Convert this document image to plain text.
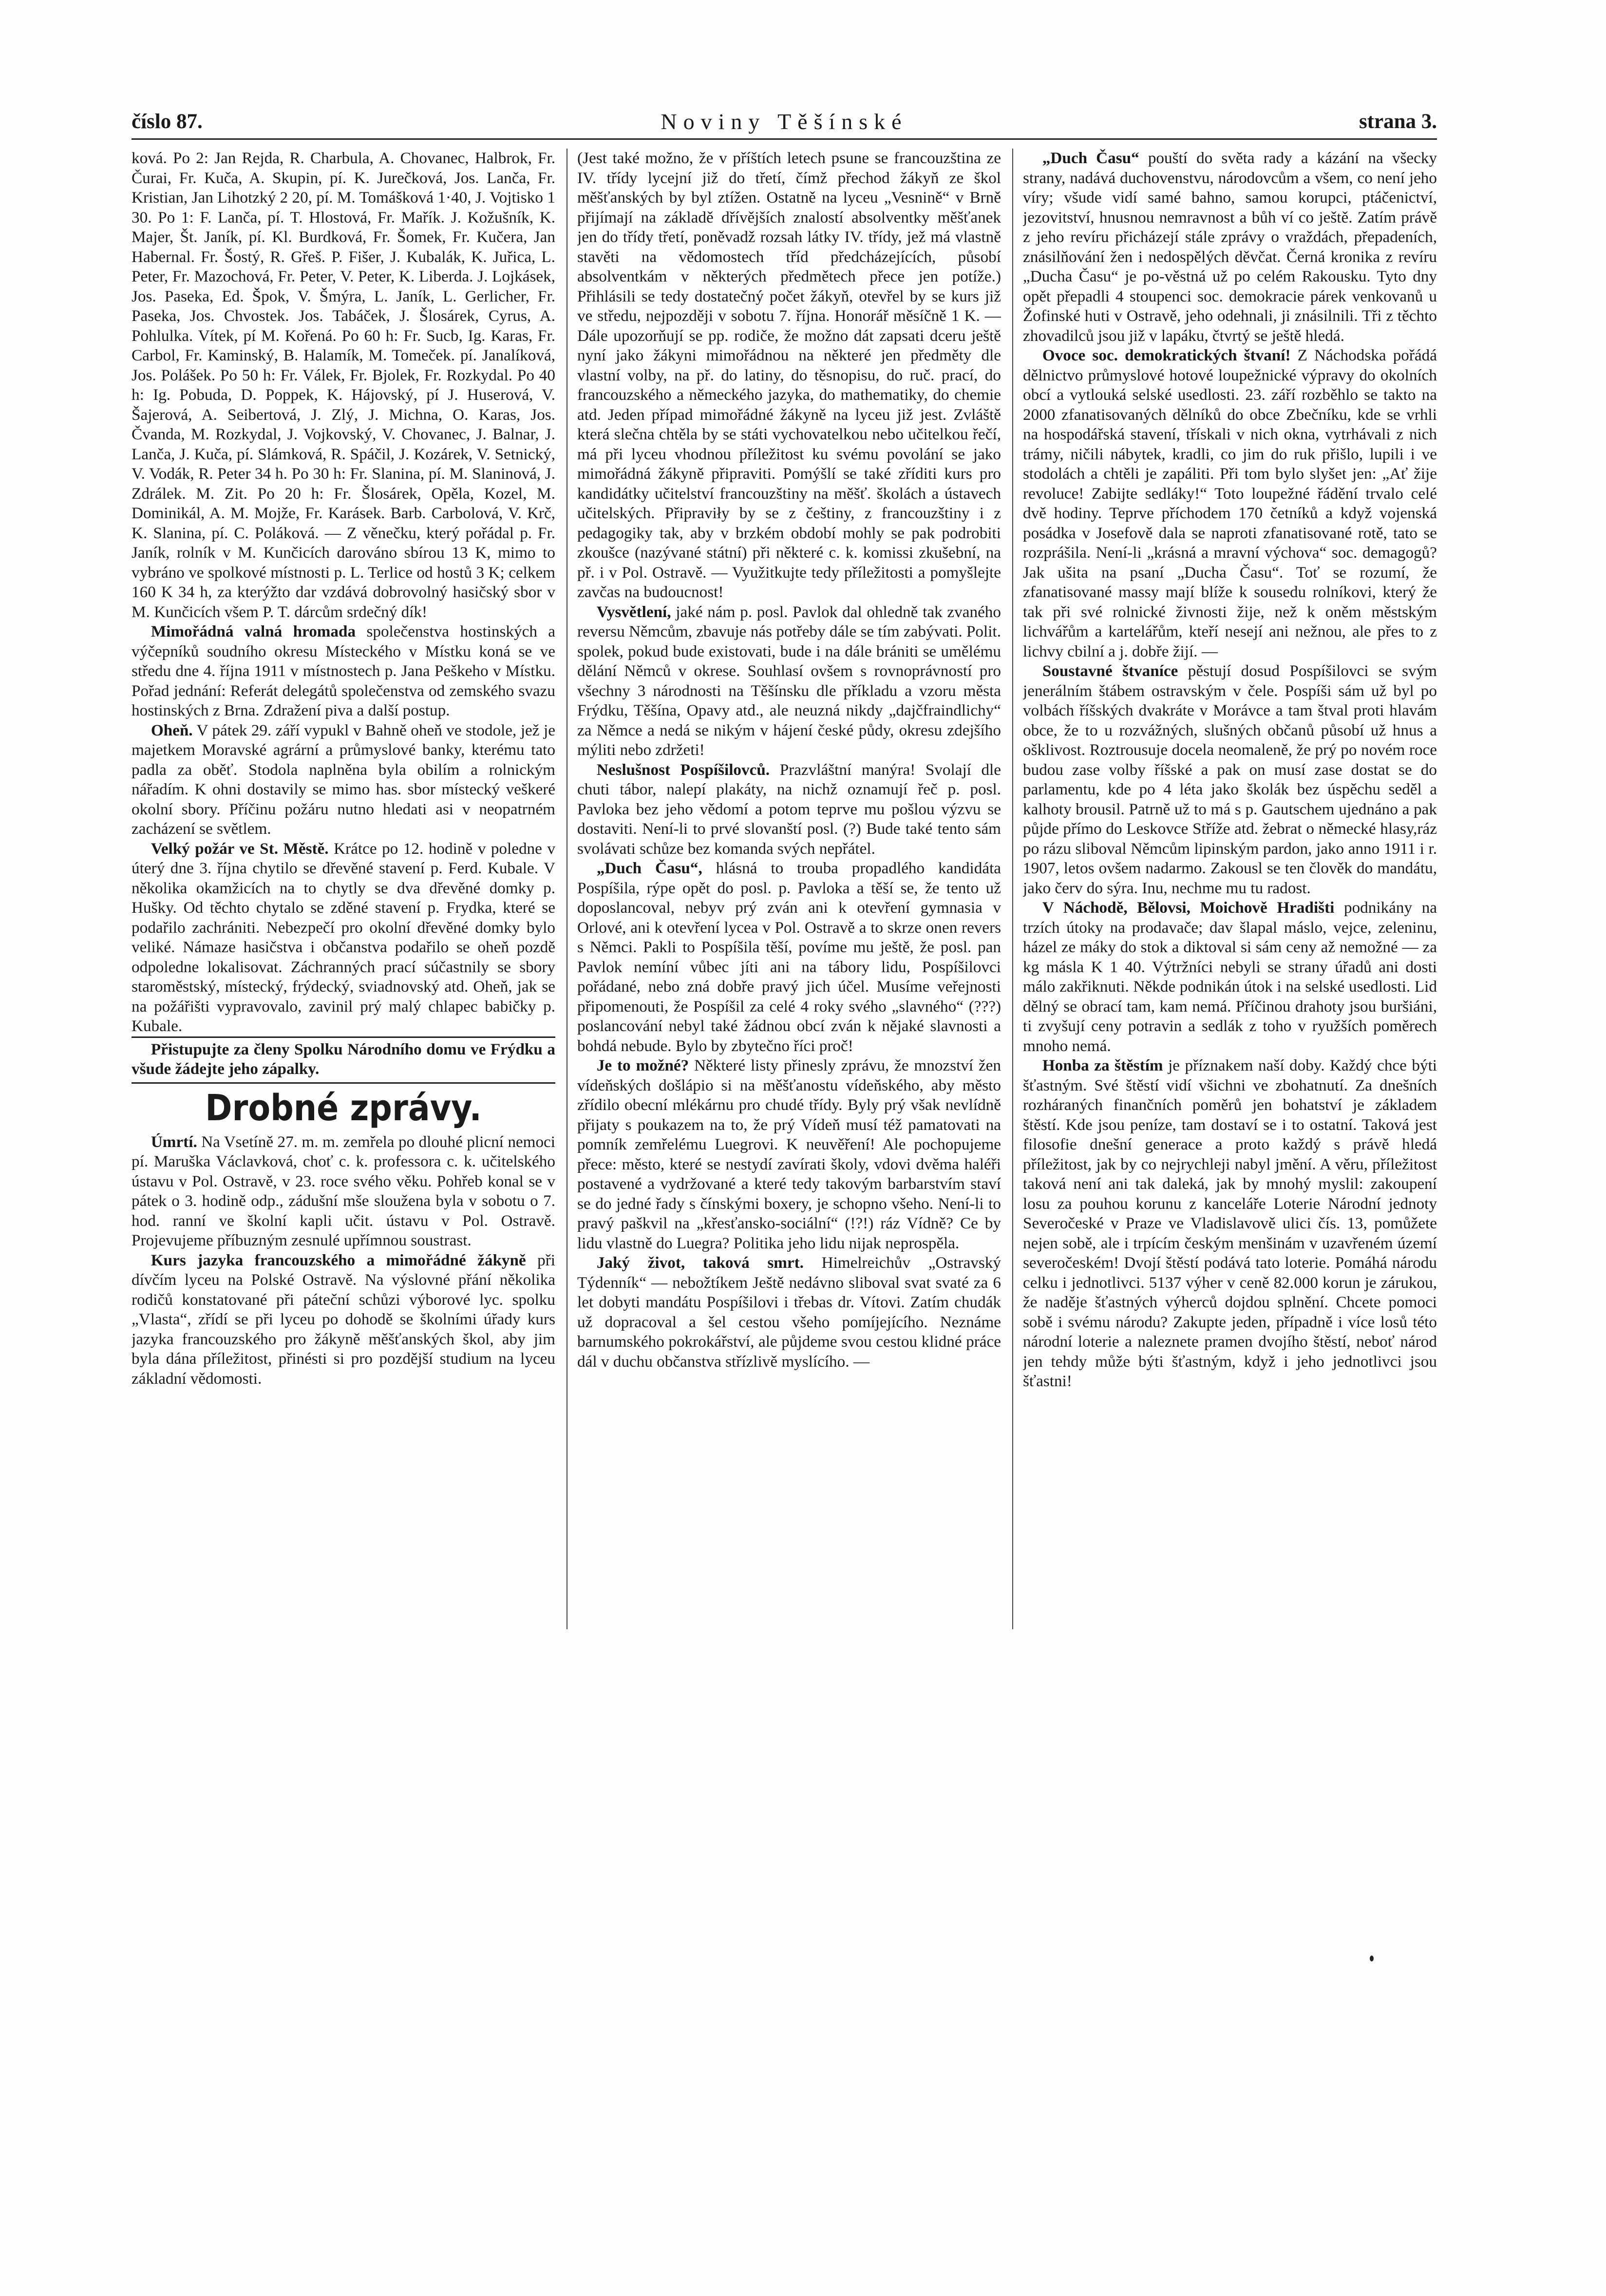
číslo 87.	Noviny Těšínské	strana 3.

ková. Po 2: Jan Rejda, R. Charbula, A. Chovanec, Halbrok, Fr. Čurai, Fr. Kuča, A. Skupin, pí. K. Jurečková, Jos. Lanča, Fr. Kristian, Jan Lihotzký 2 20, pí. M. Tomášková 1·40, J. Vojtisko 1 30. Po 1: F. Lanča, pí. T. Hlostová, Fr. Mařík. J. Kožušník, K. Majer, Št. Janík, pí. Kl. Burdková, Fr. Šomek, Fr. Kučera, Jan Habernal. Fr. Šostý, R. Gřeš. P. Fišer, J. Kubalák, K. Juřica, L. Peter, Fr. Mazochová, Fr. Peter, V. Peter, K. Liberda. J. Lojkásek, Jos. Paseka, Ed. Špok, V. Šmýra, L. Janík, L. Gerlicher, Fr. Paseka, Jos. Chvostek. Jos. Tabáček, J. Šlosárek, Cyrus, A. Pohlulka. Vítek, pí M. Kořená. Po 60 h: Fr. Sucb, Ig. Karas, Fr. Carbol, Fr. Kaminský, B. Halamík, M. Tomeček. pí. Janalíková, Jos. Polášek. Po 50 h: Fr. Válek, Fr. Bjolek, Fr. Rozkydal. Po 40 h: Ig. Pobuda, D. Poppek, K. Hájovský, pí J. Huserová, V. Šajerová, A. Seibertová, J. Zlý, J. Michna, O. Karas, Jos. Čvanda, M. Rozkydal, J. Vojkovský, V. Chovanec, J. Balnar, J. Lanča, J. Kuča, pí. Slámková, R. Spáčil, J. Kozárek, V. Setnický, V. Vodák, R. Peter 34 h. Po 30 h: Fr. Slanina, pí. M. Slaninová, J. Zdrálek. M. Zit. Po 20 h: Fr. Šlosárek, Opěla, Kozel, M. Dominikál, A. M. Mojže, Fr. Karásek. Barb. Carbolová, V. Krč, K. Slanina, pí. C. Poláková. — Z věnečku, který pořádal p. Fr. Janík, rolník v M. Kunčicích darováno sbírou 13 K, mimo to vybráno ve spolkové místnosti p. L. Terlice od hostů 3 K; celkem 160 K 34 h, za kterýžto dar vzdává dobrovolný hasičský sbor v M. Kunčicích všem P. T. dárcům srdečný dík!

Mimořádná valná hromada společenstva hostinských a výčepníků soudního okresu Místeckého v Místku koná se ve středu dne 4. října 1911 v místnostech p. Jana Peškeho v Místku. Pořad jednání: Referát delegátů společenstva od zemského svazu hostinských z Brna. Zdražení piva a další postup.

Oheň. V pátek 29. září vypukl v Bahně oheň ve stodole, jež je majetkem Moravské agrární a průmyslové banky, kterému tato padla za oběť. Stodola naplněna byla obilím a rolnickým nářadím. K ohni dostavily se mimo has. sbor místecký veškeré okolní sbory. Příčinu požáru nutno hledati asi v neopatrném zacházení se světlem.

Velký požár ve St. Městě. Krátce po 12. hodině v poledne v úterý dne 3. října chytilo se dřevěné stavení p. Ferd. Kubale. V několika okamžicích na to chytly se dva dřevěné domky p. Hušky. Od těchto chytalo se zděné stavení p. Frydka, které se podařilo zachrániti. Nebezpečí pro okolní dřevěné domky bylo veliké. Námaze hasičstva i občanstva podařilo se oheň pozdě odpoledne lokalisovat. Záchranných prací súčastnily se sbory staroměstský, místecký, frýdecký, sviadnovský atd. Oheň, jak se na požářišti vypravovalo, zavinil prý malý chlapec babičky p. Kubale.

Přistupujte za členy Spolku Národního domu ve Frýdku a všude žádejte jeho zápalky.

Drobné zprávy.

Úmrtí. Na Vsetíně 27. m. m. zemřela po dlouhé plicní nemoci pí. Maruška Václavková, choť c. k. professora c. k. učitelského ústavu v Pol. Ostravě, v 23. roce svého věku. Pohřeb konal se v pátek o 3. hodině odp., zádušní mše sloužena byla v sobotu o 7. hod. ranní ve školní kapli učit. ústavu v Pol. Ostravě. Projevujeme příbuzným zesnulé upřímnou soustrast.

Kurs jazyka francouzského a mimořádné žákyně při dívčím lyceu na Polské Ostravě. Na výslovné přání několika rodičů konstatované při páteční schůzi výborové lyc. spolku „Vlasta“, zřídí se při lyceu po dohodě se školními úřady kurs jazyka francouzského pro žákyně měšťanských škol, aby jim byla dána příležitost, přinésti si pro pozdější studium na lyceu základní vědomosti.

(Jest také možno, že v příštích letech psune se francouzština ze IV. třídy lycejní již do třetí, čímž přechod žákyň ze škol měšťanských by byl ztížen. Ostatně na lyceu „Vesnině“ v Brně přijímají na základě dřívějších znalostí absolventky měšťanek jen do třídy třetí, poněvadž rozsah látky IV. třídy, jež má vlastně stavěti na vědomostech tříd předcházejících, působí absolventkám v některých předmětech přece jen potíže.) Přihlásili se tedy dostatečný počet žákyň, otevřel by se kurs již ve středu, nejpozději v sobotu 7. října. Honorář měsíčně 1 K. — Dále upozorňují se pp. rodiče, že možno dát zapsati dceru ještě nyní jako žákyni mimořádnou na některé jen předměty dle vlastní volby, na př. do latiny, do těsnopisu, do ruč. prací, do francouzského a německého jazyka, do mathematiky, do chemie atd. Jeden případ mimořádné žákyně na lyceu již jest. Zvláště která slečna chtěla by se státi vychovatelkou nebo učitelkou řečí, má při lyceu vhodnou příležitost ku svému povolání se jako mimořádná žákyně připraviti. Pomýšlí se také zříditi kurs pro kandidátky učitelství francouzštiny na měšť. školách a ústavech učitelských. Připraviły by se z češtiny, z francouzštiny i z pedagogiky tak, aby v brzkém období mohly se pak podrobiti zkoušce (nazývané státní) při některé c. k. komissi zkušební, na př. i v Pol. Ostravě. — Využitkujte tedy příležitosti a pomyšlejte zavčas na budoucnost!

Vysvětlení, jaké nám p. posl. Pavlok dal ohledně tak zvaného reversu Němcům, zbavuje nás potřeby dále se tím zabývati. Polit. spolek, pokud bude existovati, bude i na dále brániti se umělému dělání Němců v okrese. Souhlasí ovšem s rovnoprávností pro všechny 3 národnosti na Těšínsku dle příkladu a vzoru města Frýdku, Těšína, Opavy atd., ale neuzná nikdy „dajčfraindlichy“ za Němce a nedá se nikým v hájení české půdy, okresu zdejšího mýliti nebo zdržeti!

Neslušnost Pospíšilovců. Prazvláštní manýra! Svolají dle chuti tábor, nalepí plakáty, na nichž oznamují řeč p. posl. Pavloka bez jeho vědomí a potom teprve mu pošlou výzvu se dostaviti. Není-li to prvé slovanští posl. (?) Bude také tento sám svolávati schůze bez komanda svých nepřátel.

„Duch Času“, hlásná to trouba propadlého kandidáta Pospíšila, rýpe opět do posl. p. Pavloka a těší se, že tento už doposlancoval, nebyv prý zván ani k otevření gymnasia v Orlové, ani k otevření lycea v Pol. Ostravě a to skrze onen revers s Němci. Pakli to Pospíšila těší, povíme mu ještě, že posl. pan Pavlok nemíní vůbec jíti ani na tábory lidu, Pospíšilovci pořádané, nebo zná dobře pravý jich účel. Musíme veřejnosti připomenouti, že Pospíšil za celé 4 roky svého „slavného“ (???) poslancování nebyl také žádnou obcí zván k nějaké slavnosti a bohdá nebude. Bylo by zbytečno říci proč!

Je to možné? Některé listy přinesly zprávu, že mnozství žen vídeňských došlápio si na měšťanostu vídeňského, aby město zřídilo obecní mlékárnu pro chudé třídy. Byly prý však nevlídně přijaty s poukazem na to, že prý Vídeň musí též pamatovati na pomník zemřelému Luegrovi. K neuvěření! Ale pochopujeme přece: město, které se nestydí zavírati školy, vdovi dvěma haléři postavené a vydržované a které tedy takovým barbarstvím staví se do jedné řady s čínskými boxery, je schopno všeho. Není-li to pravý paškvil na „křesťansko-sociální“ (!?!) ráz Vídně? Ce by lidu vlastně do Luegra? Politika jeho lidu nijak neprospěla.

Jaký život, taková smrt. Himelreichův „Ostravský Týdenník“ — nebožtíkem Ještě nedávno sliboval svat svaté za 6 let dobyti mandátu Pospíšilovi i třebas dr. Vítovi. Zatím chudák už dopracoval a šel cestou všeho pomíjejícího. Neznáme barnumského pokrokářství, ale půjdeme svou cestou klidné práce dál v duchu občanstva střízlivě myslícího. —

„Duch Času“ pouští do světa rady a kázání na všecky strany, nadává duchovenstvu, národovcům a všem, co není jeho víry; všude vidí samé bahno, samou korupci, ptáčenictví, jezovitství, hnusnou nemravnost a bůh ví co ještě. Zatím právě z jeho revíru přicházejí stále zprávy o vraždách, přepadeních, znásilňování žen i nedospělých děvčat. Černá kronika z revíru „Ducha Času“ je po-věstná už po celém Rakousku. Tyto dny opět přepadli 4 stoupenci soc. demokracie párek venkovanů u Žofinské huti v Ostravě, jeho odehnali, ji znásilnili. Tři z těchto zhovadilců jsou již v lapáku, čtvrtý se ještě hledá.

Ovoce soc. demokratických štvaní! Z Náchodska pořádá dělnictvo průmyslové hotové loupežnické výpravy do okolních obcí a vytlouká selské usedlosti. 23. září rozběhlo se takto na 2000 zfanatisovaných dělníků do obce Zbečníku, kde se vrhli na hospodářská stavení, třískali v nich okna, vytrhávali z nich trámy, ničili nábytek, kradli, co jim do ruk přišlo, lupili i ve stodolách a chtěli je zapáliti. Při tom bylo slyšet jen: „Ať žije revoluce! Zabijte sedláky!“ Toto loupežné řádění trvalo celé dvě hodiny. Teprve příchodem 170 četníků a když vojenská posádka v Josefově dala se naproti zfanatisované rotě, tato se rozprášila. Není-li „krásná a mravní výchova“ soc. demagogů? Jak ušita na psaní „Ducha Času“. Toť se rozumí, že zfanatisované massy mají blíže k sousedu rolníkovi, který že tak při své rolnické živnosti žije, než k oněm městským lichvářům a kartelářům, kteří nesejí ani nežnou, ale přes to z lichvy cbilní a j. dobře žijí. —

Soustavné štvaníce pěstují dosud Pospíšilovci se svým jenerálním štábem ostravským v čele. Pospíši sám už byl po volbách říšských dvakráte v Morávce a tam štval proti hlavám obce, že to u rozvážných, slušných občanů působí už hnus a ošklivost. Roztrousuje docela neomaleně, že prý po novém roce budou zase volby říšské a pak on musí zase dostat se do parlamentu, kde po 4 léta jako školák bez úspěchu seděl a kalhoty brousil. Patrně už to má s p. Gautschem ujednáno a pak půjde přímo do Leskovce Stříže atd. žebrat o německé hlasy,ráz po rázu sliboval Němcům lipinským pardon, jako anno 1911 i r. 1907, letos ovšem nadarmo. Zakousl se ten člověk do mandátu, jako červ do sýra. Inu, nechme mu tu radost.

V Náchodě, Bělovsi, Moichově Hradišti podnikány na trzích útoky na prodavače; dav šlapal máslo, vejce, zeleninu, házel ze máky do stok a diktoval si sám ceny až nemožné — za kg másla K 1 40. Výtržníci nebyli se strany úřadů ani dosti málo zakřiknuti. Někde podnikán útok i na selské usedlosti. Lid dělný se obrací tam, kam nemá. Příčinou drahoty jsou buršiáni, ti zvyšují ceny potravin a sedlák z toho v ryužších poměrech mnoho nemá.

Honba za štěstím je příznakem naší doby. Každý chce býti šťastným. Své štěstí vidí všichni ve zbohatnutí. Za dnešních rozháraných finančních poměrů jen bohatství je základem štěstí. Kde jsou peníze, tam dostaví se i to ostatní. Taková jest filosofie dnešní generace a proto každý s právě hledá příležitost, jak by co nejrychleji nabyl jmění. A věru, příležitost taková není ani tak daleká, jak by mnohý myslil: zakoupení losu za pouhou korunu z kanceláře Loterie Národní jednoty Severočeské v Praze ve Vladislavově ulici čís. 13, pomůžete nejen sobě, ale i trpícím českým menšinám v uzavřeném území severočeském! Dvojí štěstí podává tato loterie. Pomáhá národu celku i jednotlivci. 5137 výher v ceně 82.000 korun je zárukou, že naděje šťastných výherců dojdou splnění. Chcete pomoci sobě i svému národu? Zakupte jeden, případně i více losů této národní loterie a naleznete pramen dvojího štěstí, neboť národ jen tehdy může býti šťastným, když i jeho jednotlivci jsou šťastni!
